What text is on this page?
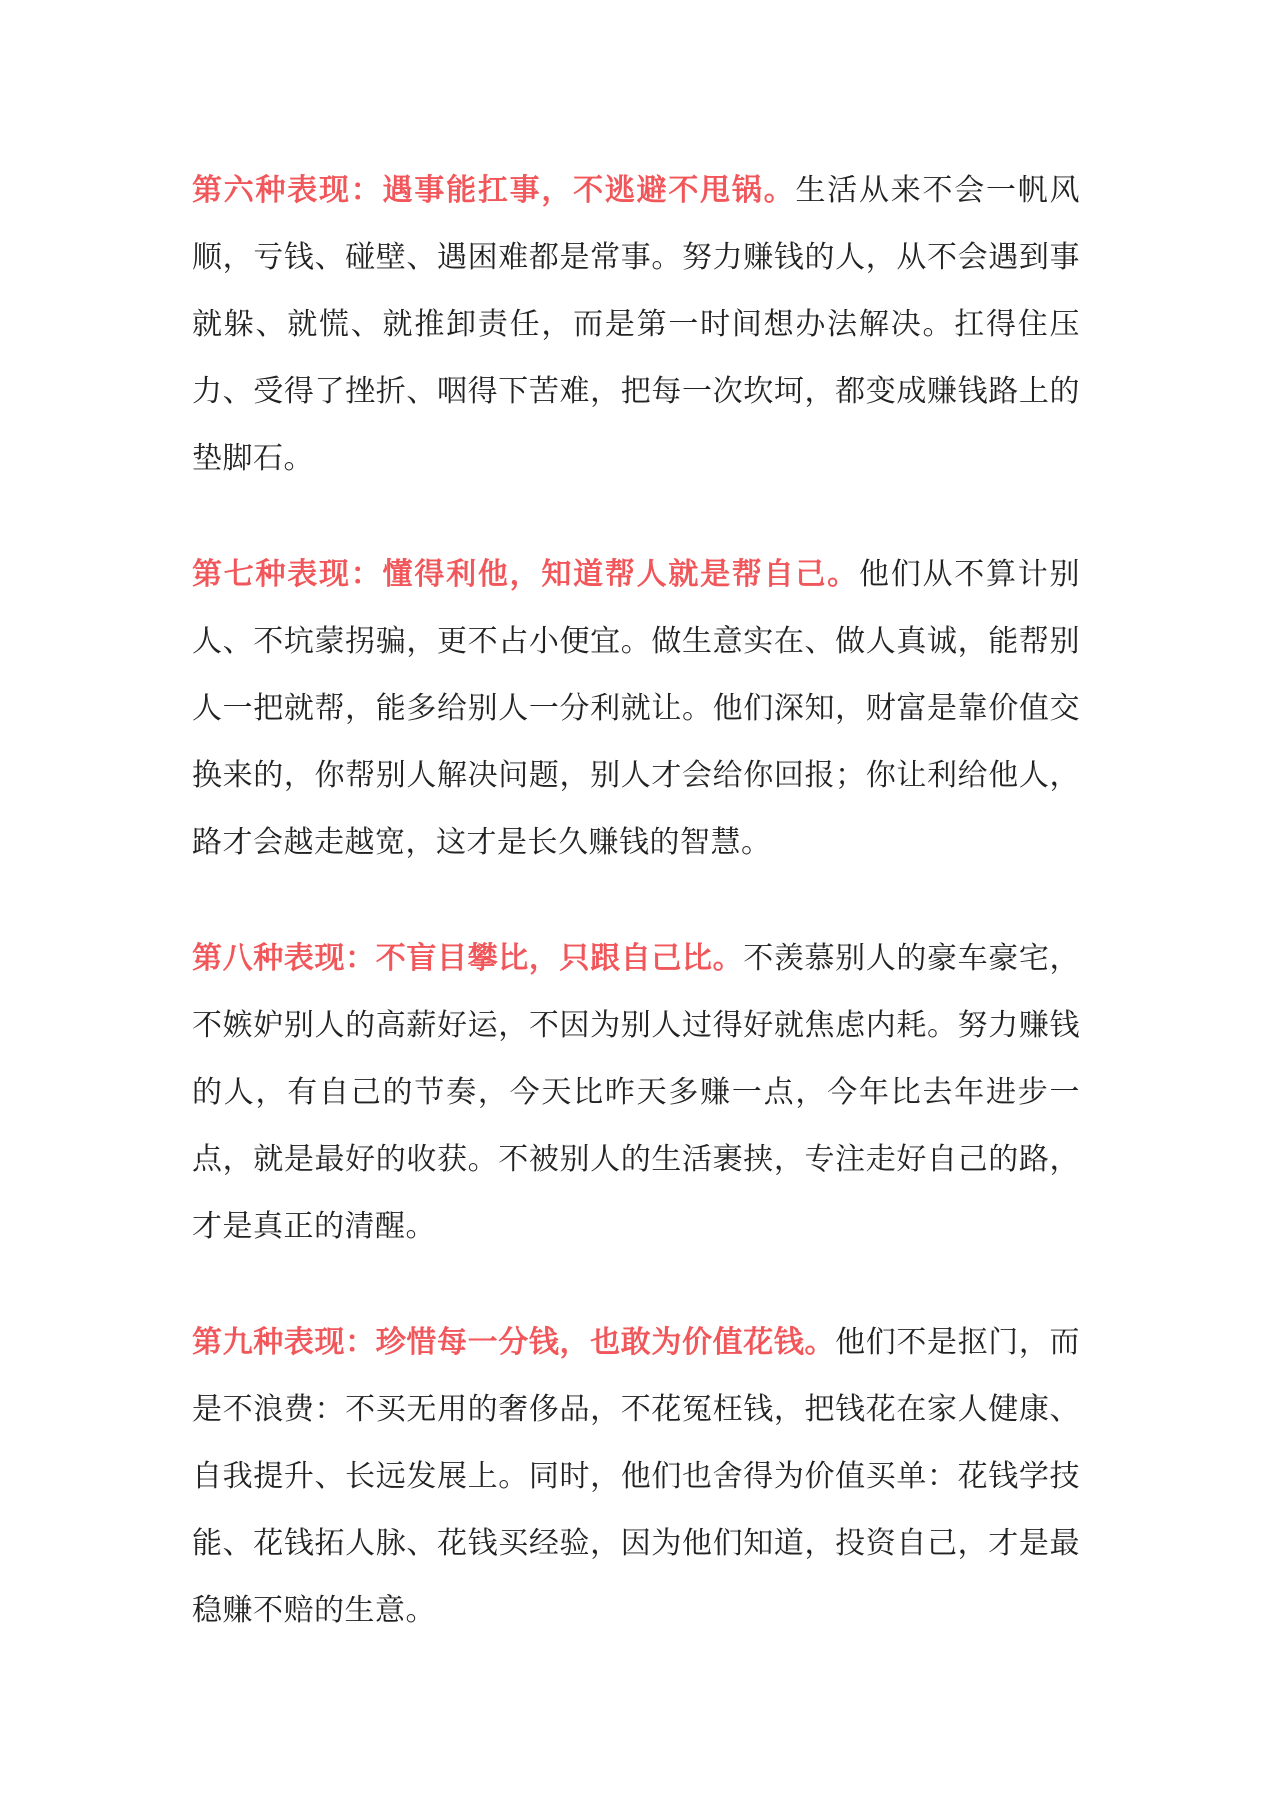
第六种表现：遇事能扛事，不逃避不甩锅。生活从来不会一帆风顺，亏钱、碰壁、遇困难都是常事。努力赚钱的人，从不会遇到事就躲、就慌、就推卸责任，而是第一时间想办法解决。扛得住压力、受得了挫折、咽得下苦难，把每一次坎坷，都变成赚钱路上的垫脚石。

第七种表现：懂得利他，知道帮人就是帮自己。他们从不算计别人、不坑蒙拐骗，更不占小便宜。做生意实在、做人真诚，能帮别人一把就帮，能多给别人一分利就让。他们深知，财富是靠价值交换来的，你帮别人解决问题，别人才会给你回报；你让利给他人，路才会越走越宽，这才是长久赚钱的智慧。

第八种表现：不盲目攀比，只跟自己比。不羡慕别人的豪车豪宅，不嫉妒别人的高薪好运，不因为别人过得好就焦虑内耗。努力赚钱的人，有自己的节奏，今天比昨天多赚一点，今年比去年进步一点，就是最好的收获。不被别人的生活裹挟，专注走好自己的路，才是真正的清醒。

第九种表现：珍惜每一分钱，也敢为价值花钱。他们不是抠门，而是不浪费：不买无用的奢侈品，不花冤枉钱，把钱花在家人健康、自我提升、长远发展上。同时，他们也舍得为价值买单：花钱学技能、花钱拓人脉、花钱买经验，因为他们知道，投资自己，才是最稳赚不赔的生意。
